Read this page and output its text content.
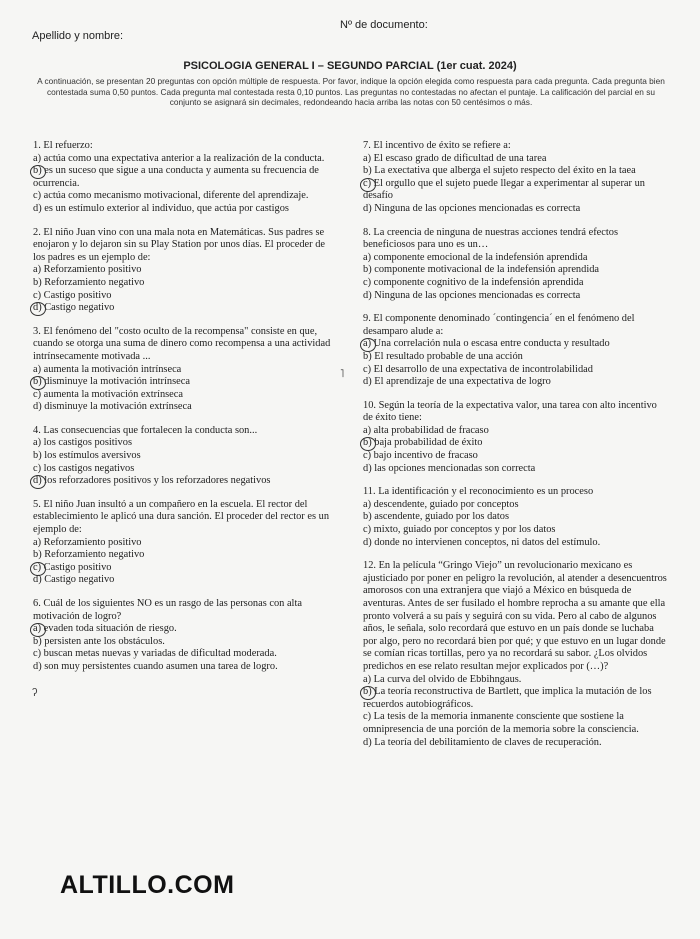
Apellido y nombre:
Nº de documento:
PSICOLOGIA GENERAL I – SEGUNDO PARCIAL (1er cuat. 2024)
A continuación, se presentan 20 preguntas con opción múltiple de respuesta. Por favor, indique la opción elegida como respuesta para cada pregunta. Cada pregunta bien contestada suma 0,50 puntos. Cada pregunta mal contestada resta 0,10 puntos. Las preguntas no contestadas no afectan el puntaje. La calificación del parcial en su conjunto se asignará sin decimales, redondeando hacia arriba las notas con 50 centésimos o más.
1. El refuerzo:
a) actúa como una expectativa anterior a la realización de la conducta.
b) es un suceso que sigue a una conducta y aumenta su frecuencia de ocurrencia.
c) actúa como mecanismo motivacional, diferente del aprendizaje.
d) es un estímulo exterior al individuo, que actúa por castigos
2. El niño Juan vino con una mala nota en Matemáticas. Sus padres se enojaron y lo dejaron sin su Play Station por unos días. El proceder de los padres es un ejemplo de:
a) Reforzamiento positivo
b) Reforzamiento negativo
c) Castigo positivo
d) Castigo negativo
3. El fenómeno del "costo oculto de la recompensa" consiste en que, cuando se otorga una suma de dinero como recompensa a una actividad intrínsecamente motivada ...
a) aumenta la motivación intrínseca
b) disminuye la motivación intrínseca
c) aumenta la motivación extrínseca
d) disminuye la motivación extrínseca
4. Las consecuencias que fortalecen la conducta son...
a) los castigos positivos
b) los estímulos aversivos
c) los castigos negativos
d) los reforzadores positivos y los reforzadores negativos
5. El niño Juan insultó a un compañero en la escuela. El rector del establecimiento le aplicó una dura sanción. El proceder del rector es un ejemplo de:
a) Reforzamiento positivo
b) Reforzamiento negativo
c) Castigo positivo
d) Castigo negativo
6. Cuál de los siguientes NO es un rasgo de las personas con alta motivación de logro?
a) evaden toda situación de riesgo.
b) persisten ante los obstáculos.
c) buscan metas nuevas y variadas de dificultad moderada.
d) son muy persistentes cuando asumen una tarea de logro.
7. El incentivo de éxito se refiere a:
a) El escaso grado de dificultad de una tarea
b) La exectativa que alberga el sujeto respecto del éxito en la taea
c) El orgullo que el sujeto puede llegar a experimentar al superar un desafío
d) Ninguna de las opciones mencionadas es correcta
8. La creencia de ninguna de nuestras acciones tendrá efectos beneficiosos para uno es un…
a) componente emocional de la indefensión aprendida
b) componente motivacional de la indefensión aprendida
c) componente cognitivo de la indefensión aprendida
d) Ninguna de las opciones mencionadas es correcta
9. El componente denominado ´contingencia´ en el fenómeno del desamparo alude a:
a) Una correlación nula o escasa entre conducta y resultado
b) El resultado probable de una acción
c) El desarrollo de una expectativa de incontrolabilidad
d) El aprendizaje de una expectativa de logro
10. Según la teoría de la expectativa valor, una tarea con alto incentivo de éxito tiene:
a) alta probabilidad de fracaso
b) baja probabilidad de éxito
c) bajo incentivo de fracaso
d) las opciones mencionadas son correcta
11. La identificación y el reconocimiento es un proceso
a) descendente, guiado por conceptos
b) ascendente, guiado por los datos
c) mixto, guiado por conceptos y por los datos
d) donde no intervienen conceptos, ni datos del estímulo.
12. En la película “Gringo Viejo” un revolucionario mexicano es ajusticiado por poner en peligro la revolución, al atender a desencuentros amorosos con una extranjera que viajó a México en búsqueda de aventuras. Antes de ser fusilado el hombre reprocha a su amante que ella pronto volverá a su país y seguirá con su vida. Pero al cabo de algunos años, le señala, solo recordará que estuvo en un país donde se luchaba por algo, pero no recordará bien por qué; y que estuvo en un lugar donde se comían ricas tortillas, pero ya no recordará su sabor. ¿Los olvidos predichos en ese relato resultan mejor explicados por (…)?
a) La curva del olvido de Ebbihngaus.
b) La teoría reconstructiva de Bartlett, que implica la mutación de los recuerdos autobiográficos.
c) La tesis de la memoria inmanente consciente que sostiene la omnipresencia de una porción de la memoria sobre la consciencia.
d) La teoría del debilitamiento de claves de recuperación.
˥
ʔ
ALTILLO.COM
